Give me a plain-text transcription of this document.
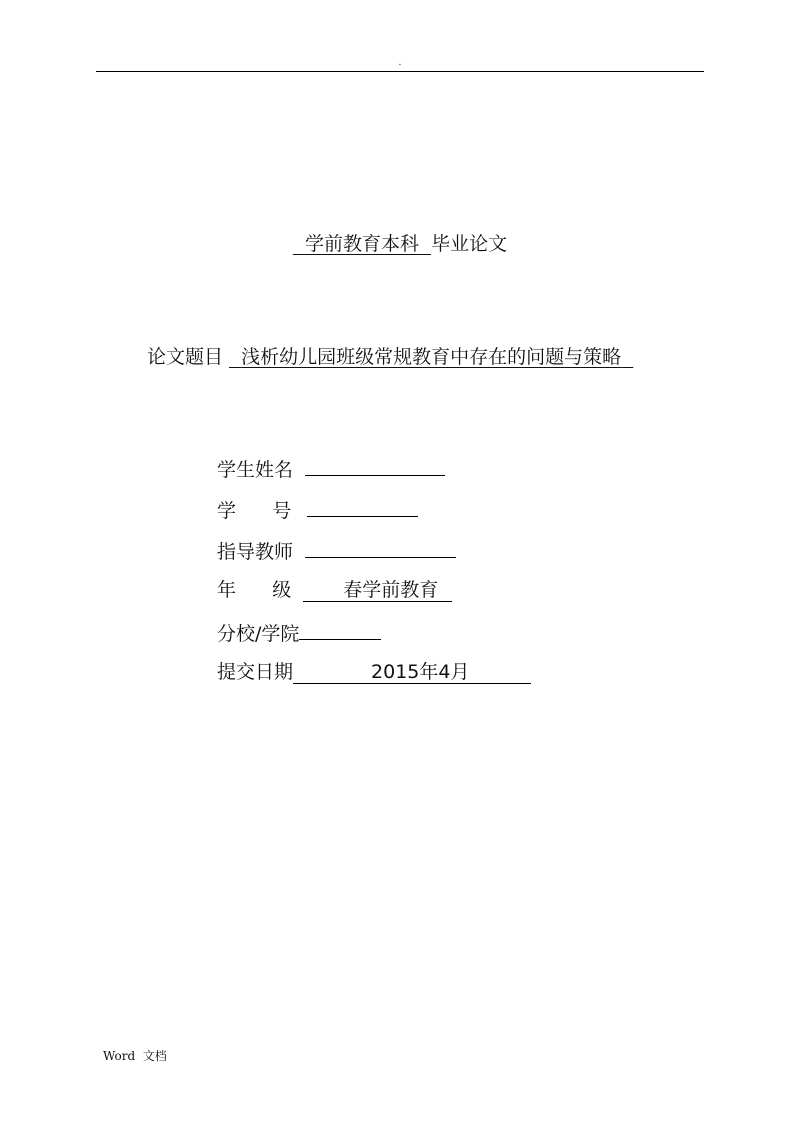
.
学前教育本科 毕业论文
论文题目 浅析幼儿园班级常规教育中存在的问题与策略
学生姓名
学      号
指导教师
年      级	春学前教育
分校/学院
提交日期	2015年4月
Word  文档
